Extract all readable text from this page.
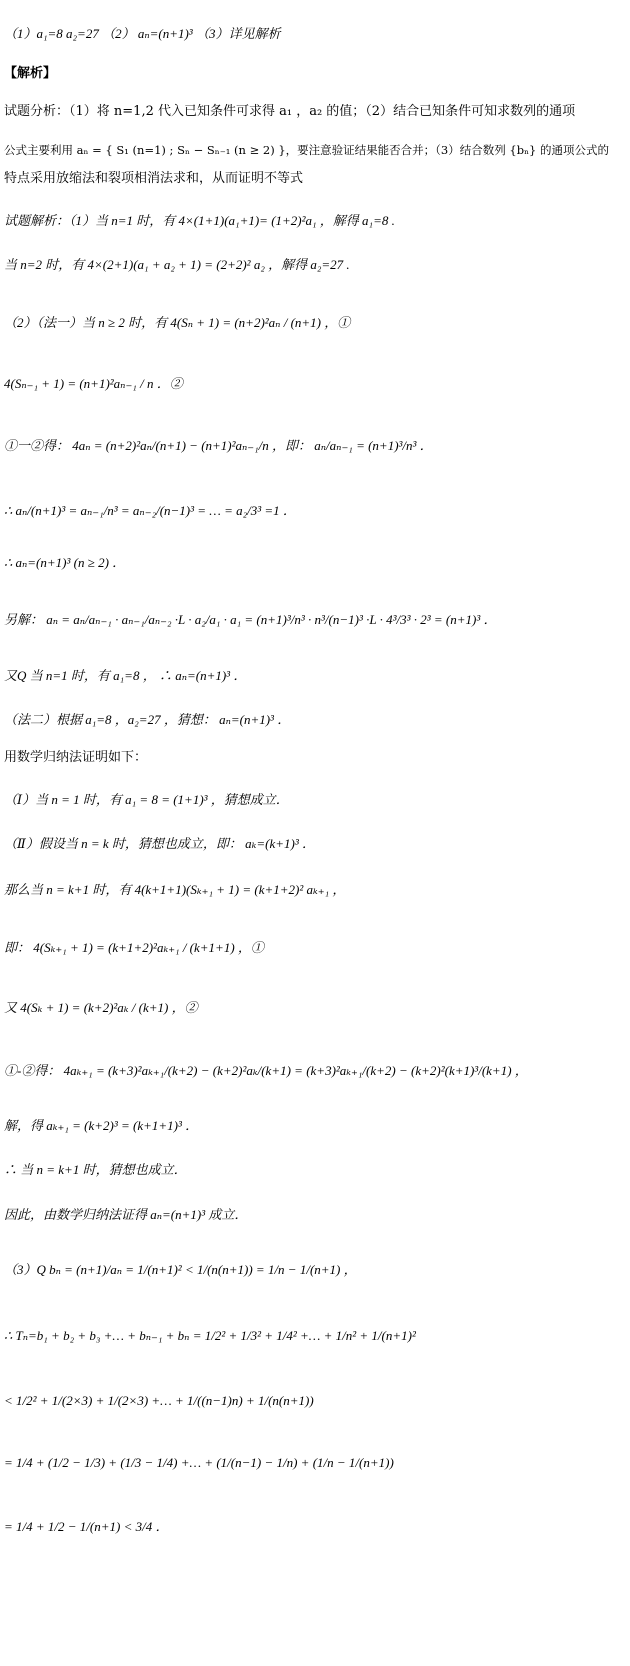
（1）a₁=8 a₂=27 （2） aₙ=(n+1)³ （3）详见解析
【解析】
试题分析：（1）将 n=1,2 代入已知条件可求得 a₁ ，a₂ 的值；（2）结合已知条件可知求数列的通项
公式主要利用 aₙ = { S₁ (n=1) ; Sₙ − Sₙ₋₁ (n ≥ 2) }，要注意验证结果能否合并；（3）结合数列 {bₙ} 的通项公式的
特点采用放缩法和裂项相消法求和，从而证明不等式
试题解析：（1）当 n=1 时，有 4×(1+1)(a₁+1)= (1+2)²a₁ ，解得 a₁=8 .
当 n=2 时，有 4×(2+1)(a₁ + a₂ + 1) = (2+2)² a₂ ，解得 a₂=27 .
（2）（法一）当 n ≥ 2 时，有 4(Sₙ + 1) = (n+2)²aₙ / (n+1) ，①
4(Sₙ₋₁ + 1) = (n+1)²aₙ₋₁ / n ．②
①一②得： 4aₙ = (n+2)²aₙ/(n+1) − (n+1)²aₙ₋₁/n ，即： aₙ/aₙ₋₁ = (n+1)³/n³ ．
∴ aₙ/(n+1)³ = aₙ₋₁/n³ = aₙ₋₂/(n−1)³ = … = a₂/3³ =1 ．
∴ aₙ=(n+1)³ (n ≥ 2) ．
另解： aₙ = aₙ/aₙ₋₁ · aₙ₋₁/aₙ₋₂ ·L · a₂/a₁ · a₁ = (n+1)³/n³ · n³/(n−1)³ ·L · 4³/3³ · 2³ = (n+1)³ ．
又Q 当 n=1 时，有 a₁=8 ， ∴ aₙ=(n+1)³ ．
（法二）根据 a₁=8 ，a₂=27 ，猜想： aₙ=(n+1)³ ．
用数学归纳法证明如下：
（Ⅰ）当 n = 1 时，有 a₁ = 8 = (1+1)³ ，猜想成立．
（Ⅱ）假设当 n = k 时，猜想也成立，即： aₖ=(k+1)³ ．
那么当 n = k+1 时，有 4(k+1+1)(Sₖ₊₁ + 1) = (k+1+2)² aₖ₊₁ ，
即： 4(Sₖ₊₁ + 1) = (k+1+2)²aₖ₊₁ / (k+1+1) ，①
又 4(Sₖ + 1) = (k+2)²aₖ / (k+1) ，②
①-②得： 4aₖ₊₁ = (k+3)²aₖ₊₁/(k+2) − (k+2)²aₖ/(k+1) = (k+3)²aₖ₊₁/(k+2) − (k+2)²(k+1)³/(k+1) ，
解，得 aₖ₊₁ = (k+2)³ = (k+1+1)³ ．
∴ 当 n = k+1 时，猜想也成立．
因此，由数学归纳法证得 aₙ=(n+1)³ 成立．
（3）Q bₙ = (n+1)/aₙ = 1/(n+1)² < 1/(n(n+1)) = 1/n − 1/(n+1) ，
∴ Tₙ=b₁ + b₂ + b₃ +… + bₙ₋₁ + bₙ = 1/2² + 1/3² + 1/4² +… + 1/n² + 1/(n+1)²
< 1/2² + 1/(2×3) + 1/(2×3) +… + 1/((n−1)n) + 1/(n(n+1))
= 1/4 + (1/2 − 1/3) + (1/3 − 1/4) +… + (1/(n−1) − 1/n) + (1/n − 1/(n+1))
= 1/4 + 1/2 − 1/(n+1) < 3/4 ．
